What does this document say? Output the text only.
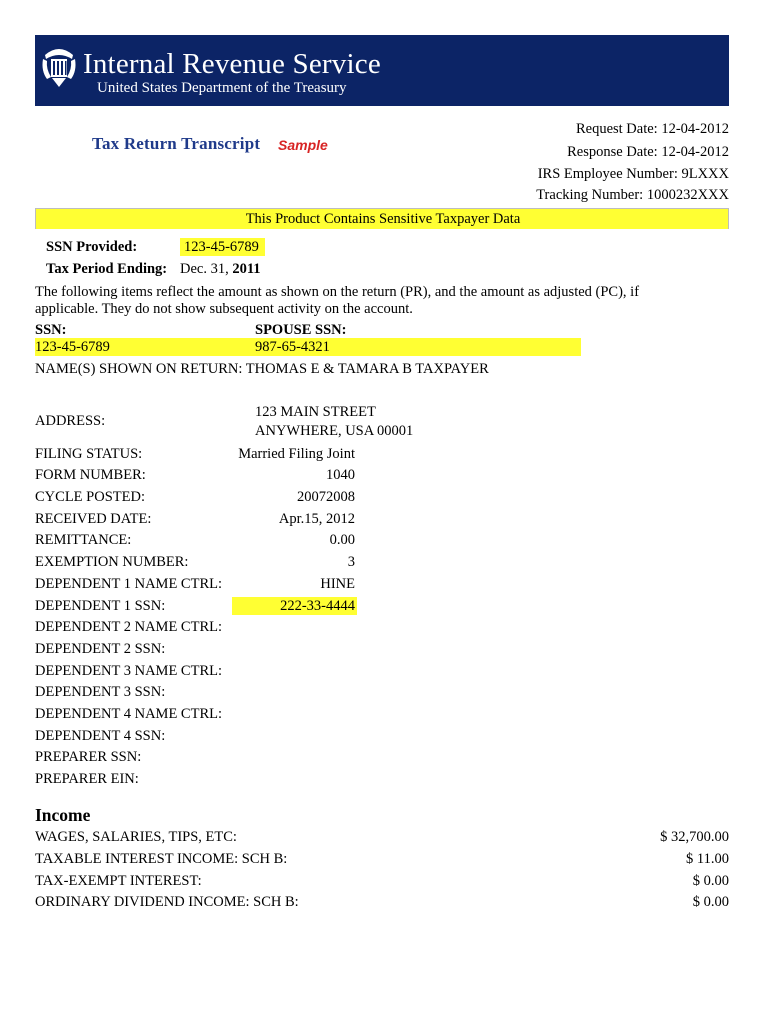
Internal Revenue Service
United States Department of the Treasury
Tax Return Transcript Sample
Request Date: 12-04-2012
Response Date: 12-04-2012
IRS Employee Number: 9LXXX
Tracking Number: 1000232XXX
This Product Contains Sensitive Taxpayer Data
SSN Provided:	123-45-6789
Tax Period Ending: Dec. 31, 2011
The following items reflect the amount as shown on the return (PR), and the amount as adjusted (PC), if
applicable. They do not show subsequent activity on the account.
SSN:	SPOUSE SSN:
123-45-6789	987-65-4321
NAME(S) SHOWN ON RETURN: THOMAS E & TAMARA B TAXPAYER
ADDRESS:
123 MAIN STREET
ANYWHERE, USA 00001
FILING STATUS:	Married Filing Joint
FORM NUMBER:	1040
CYCLE POSTED:	20072008
RECEIVED DATE:	Apr.15, 2012
REMITTANCE:	0.00
EXEMPTION NUMBER:	3
DEPENDENT 1 NAME CTRL:	HINE
DEPENDENT 1 SSN:	222-33-4444
DEPENDENT 2 NAME CTRL:
DEPENDENT 2 SSN:
DEPENDENT 3 NAME CTRL:
DEPENDENT 3 SSN:
DEPENDENT 4 NAME CTRL:
DEPENDENT 4 SSN:
PREPARER SSN:
PREPARER EIN:
Income
WAGES, SALARIES, TIPS, ETC:	$ 32,700.00
TAXABLE INTEREST INCOME: SCH B:	$ 11.00
TAX-EXEMPT INTEREST:	$ 0.00
ORDINARY DIVIDEND INCOME: SCH B:	$ 0.00
